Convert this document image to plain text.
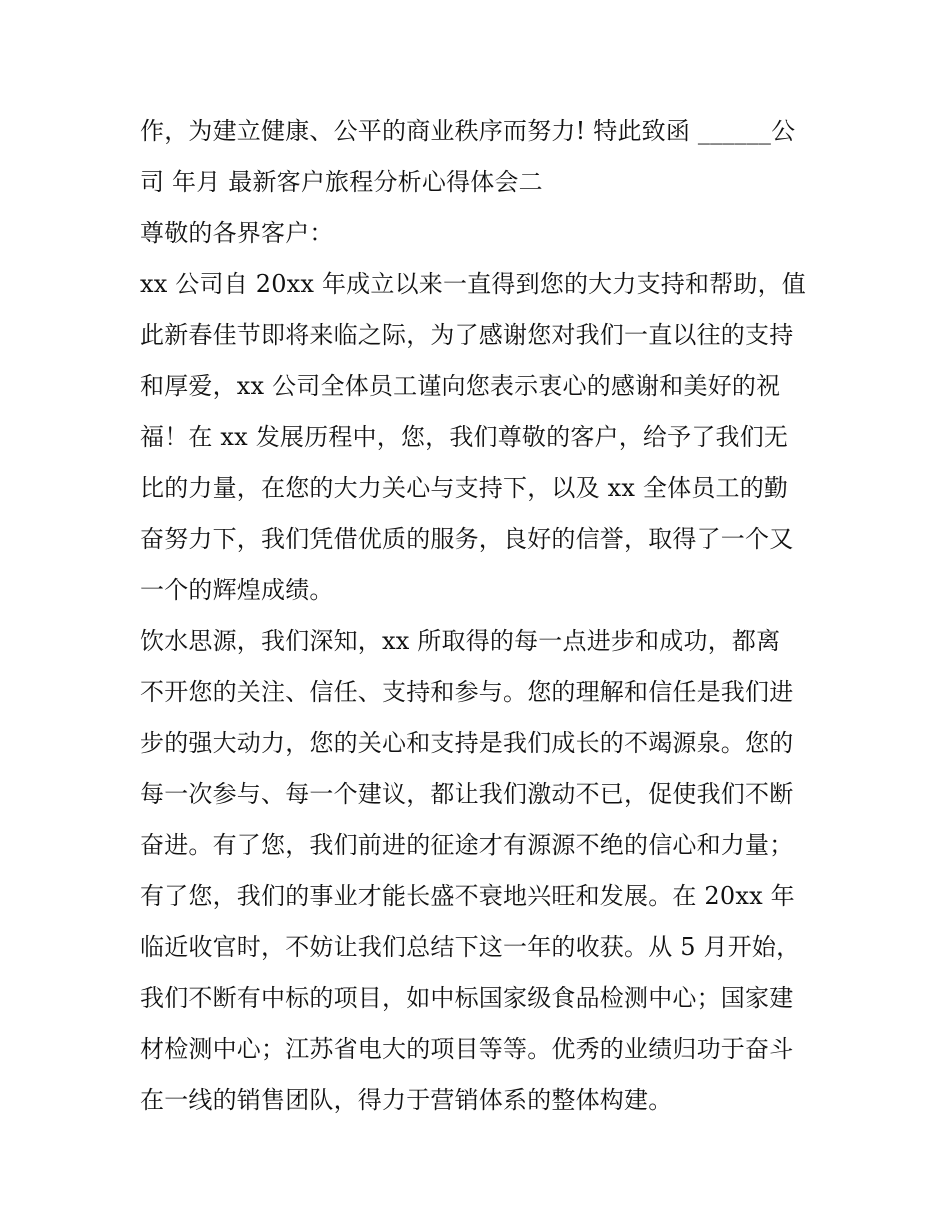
作，为建立健康、公平的商业秩序而努力! 特此致函 ______公
司 年月 最新客户旅程分析心得体会二
尊敬的各界客户：
xx 公司自 20xx 年成立以来一直得到您的大力支持和帮助，值
此新春佳节即将来临之际，为了感谢您对我们一直以往的支持
和厚爱，xx 公司全体员工谨向您表示衷心的感谢和美好的祝
福！在 xx 发展历程中，您，我们尊敬的客户，给予了我们无
比的力量，在您的大力关心与支持下，以及 xx 全体员工的勤
奋努力下，我们凭借优质的服务，良好的信誉，取得了一个又
一个的辉煌成绩。
饮水思源，我们深知，xx 所取得的每一点进步和成功，都离
不开您的关注、信任、支持和参与。您的理解和信任是我们进
步的强大动力，您的关心和支持是我们成长的不竭源泉。您的
每一次参与、每一个建议，都让我们激动不已，促使我们不断
奋进。有了您，我们前进的征途才有源源不绝的信心和力量；
有了您，我们的事业才能长盛不衰地兴旺和发展。在 20xx 年
临近收官时，不妨让我们总结下这一年的收获。从 5 月开始，
我们不断有中标的项目，如中标国家级食品检测中心；国家建
材检测中心；江苏省电大的项目等等。优秀的业绩归功于奋斗
在一线的销售团队，得力于营销体系的整体构建。
